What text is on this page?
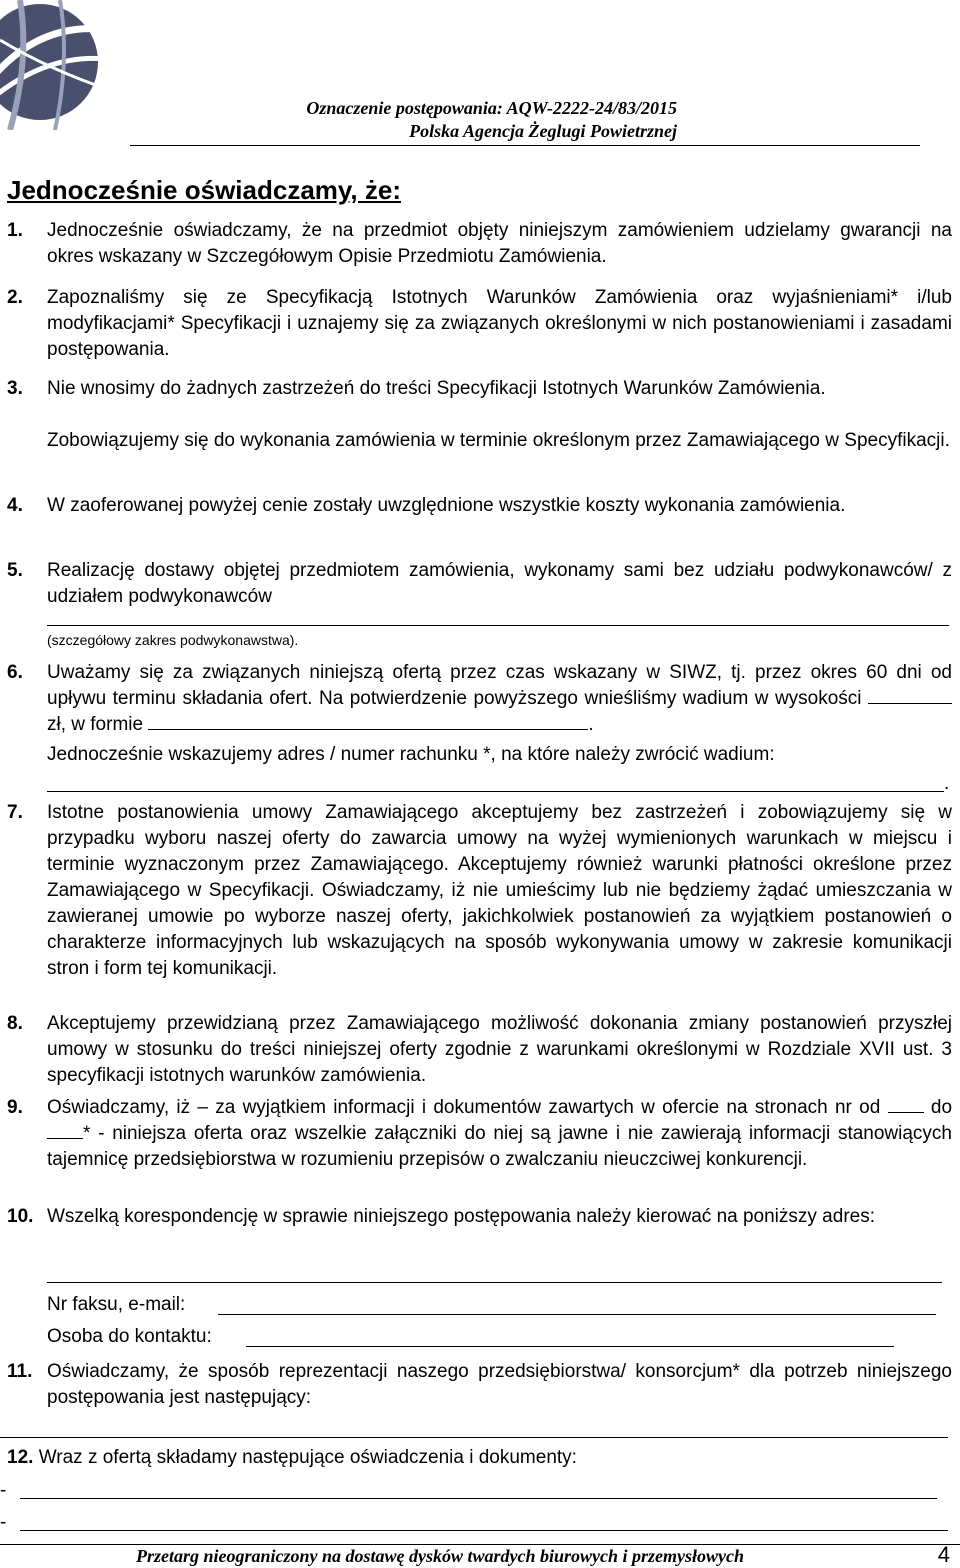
Oznaczenie postępowania: AQW-2222-24/83/2015
Polska Agencja Żeglugi Powietrznej
Jednocześnie oświadczamy, że:
1. Jednocześnie oświadczamy, że na przedmiot objęty niniejszym zamówieniem udzielamy gwarancji na okres wskazany w Szczegółowym Opisie Przedmiotu Zamówienia.
2. Zapoznaliśmy się ze Specyfikacją Istotnych Warunków Zamówienia oraz wyjaśnieniami* i/lub modyfikacjami* Specyfikacji i uznajemy się za związanych określonymi w nich postanowieniami i zasadami postępowania.
3. Nie wnosimy do żadnych zastrzeżeń do treści Specyfikacji Istotnych Warunków Zamówienia.
Zobowiązujemy się do wykonania zamówienia w terminie określonym przez Zamawiającego w Specyfikacji.
4. W zaoferowanej powyżej cenie zostały uwzględnione wszystkie koszty wykonania zamówienia.
5. Realizację dostawy objętej przedmiotem zamówienia, wykonamy sami bez udziału podwykonawców/ z udziałem podwykonawców
(szczegółowy zakres podwykonawstwa).
6. Uważamy się za związanych niniejszą ofertą przez czas wskazany w SIWZ, tj. przez okres 60 dni od upływu terminu składania ofert. Na potwierdzenie powyższego wnieśliśmy wadium w wysokości  zł, w formie	.
Jednocześnie wskazujemy adres / numer rachunku *, na które należy zwrócić wadium:
.
7. Istotne postanowienia umowy Zamawiającego akceptujemy bez zastrzeżeń i zobowiązujemy się w przypadku wyboru naszej oferty do zawarcia umowy na wyżej wymienionych warunkach w miejscu i terminie wyznaczonym przez Zamawiającego. Akceptujemy również warunki płatności określone przez Zamawiającego w Specyfikacji. Oświadczamy, iż nie umieścimy lub nie będziemy żądać umieszczania w zawieranej umowie po wyborze naszej oferty, jakichkolwiek postanowień za wyjątkiem postanowień o charakterze informacyjnych lub wskazujących na sposób wykonywania umowy w zakresie komunikacji stron i form tej komunikacji.
8. Akceptujemy przewidzianą przez Zamawiającego możliwość dokonania zmiany postanowień przyszłej umowy w stosunku do treści niniejszej oferty zgodnie z warunkami określonymi w Rozdziale XVII ust. 3 specyfikacji istotnych warunków zamówienia.
9. Oświadczamy, iż – za wyjątkiem informacji i dokumentów zawartych w ofercie na stronach nr od	do * - niniejsza oferta oraz wszelkie załączniki do niej są jawne i nie zawierają informacji stanowiących tajemnicę przedsiębiorstwa w rozumieniu przepisów o zwalczaniu nieuczciwej konkurencji.
10. Wszelką korespondencję w sprawie niniejszego postępowania należy kierować na poniższy adres:
Nr faksu, e-mail:
Osoba do kontaktu:
11. Oświadczamy, że sposób reprezentacji naszego przedsiębiorstwa/ konsorcjum* dla potrzeb niniejszego postępowania jest następujący:
12. Wraz z ofertą składamy następujące oświadczenia i dokumenty:
-
-
Przetarg nieograniczony na dostawę dysków twardych biurowych i przemysłowych	4
